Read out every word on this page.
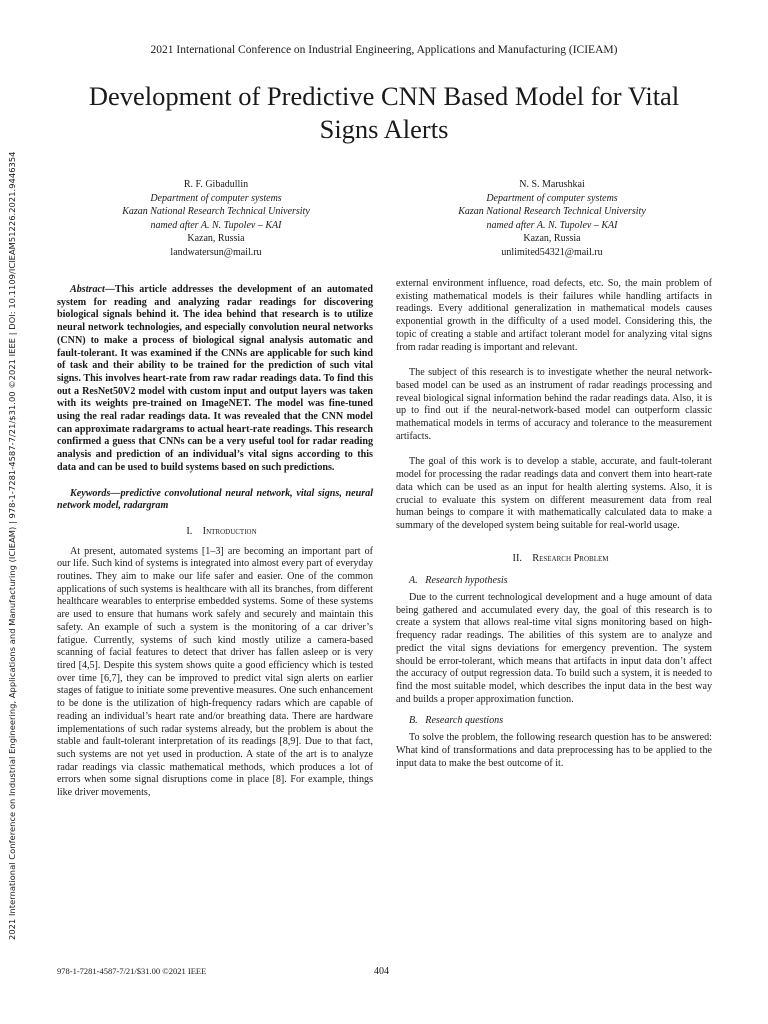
2021 International Conference on Industrial Engineering, Applications and Manufacturing (ICIEAM)
Development of Predictive CNN Based Model for Vital Signs Alerts
2021 International Conference on Industrial Engineering, Applications and Manufacturing (ICIEAM) | 978-1-7281-4587-7/21/$31.00 ©2021 IEEE | DOI: 10.1109/ICIEAM51226.2021.9446354	R. F. Gibadullin
Department of computer systems
Kazan National Research Technical University
named after A. N. Tupolev – KAI
Kazan, Russia
landwatersun@mail.ru
N. S. Marushkai
Department of computer systems
Kazan National Research Technical University
named after A. N. Tupolev – KAI
Kazan, Russia
unlimited54321@mail.ru

Abstract—This article addresses the development of an automated system for reading and analyzing radar readings for discovering biological signals behind it. The idea behind that research is to utilize neural network technologies, and especially convolution neural networks (CNN) to make a process of biological signal analysis automatic and fault-tolerant. It was examined if the CNNs are applicable for such kind of task and their ability to be trained for the prediction of such vital signs. This involves heart-rate from raw radar readings data. To find this out a ResNet50V2 model with custom input and output layers was taken with its weights pre-trained on ImageNET. The model was fine-tuned using the real radar readings data. It was revealed that the CNN model can approximate radargrams to actual heart-rate readings. This research confirmed a guess that CNNs can be a very useful tool for radar reading analysis and prediction of an individual’s vital signs according to this data and can be used to build systems based on such predictions.

Keywords—predictive convolutional neural network, vital signs, neural network model, radargram

I. Introduction

At present, automated systems [1–3] are becoming an important part of our life. Such kind of systems is integrated into almost every part of everyday routines. They aim to make our life safer and easier. One of the common applications of such systems is healthcare with all its branches, from different healthcare wearables to enterprise embedded systems. Some of these systems are used to ensure that humans work safely and securely and maintain this safety. An example of such a system is the monitoring of a car driver’s fatigue. Currently, systems of such kind mostly utilize a camera-based scanning of facial features to detect that driver has fallen asleep or is very tired [4,5]. Despite this system shows quite a good efficiency which is tested over time [6,7], they can be improved to predict vital sign alerts on earlier stages of fatigue to initiate some preventive measures. One such enhancement to be done is the utilization of high-frequency radars which are capable of reading an individual’s heart rate and/or breathing data. There are hardware implementations of such radar systems already, but the problem is about the stable and fault-tolerant interpretation of its readings [8,9]. Due to that fact, such systems are not yet used in production. A state of the art is to analyze radar readings via classic mathematical methods, which produces a lot of errors when some signal disruptions come in place [8]. For example, things like driver movements,

external environment influence, road defects, etc. So, the main problem of existing mathematical models is their failures while handling artifacts in readings. Every additional generalization in mathematical models causes exponential growth in the difficulty of a used model. Considering this, the topic of creating a stable and artifact tolerant model for analyzing vital signs from radar reading is important and relevant.

The subject of this research is to investigate whether the neural network-based model can be used as an instrument of radar readings processing and reveal biological signal information behind the radar readings data. Also, it is up to find out if the neural-network-based model can outperform classic mathematical models in terms of accuracy and tolerance to the measurement artifacts.

The goal of this work is to develop a stable, accurate, and fault-tolerant model for processing the radar readings data and convert them into heart-rate data which can be used as an input for health alerting systems. Also, it is crucial to evaluate this system on different measurement data from real human beings to compare it with mathematically calculated data to make a summary of the developed system being suitable for real-world usage.

II. Research Problem

A. Research hypothesis

Due to the current technological development and a huge amount of data being gathered and accumulated every day, the goal of this research is to create a system that allows real-time vital signs monitoring based on high-frequency radar readings. The abilities of this system are to analyze and predict the vital signs deviations for emergency prevention. The system should be error-tolerant, which means that artifacts in input data don’t affect the accuracy of output regression data. To build such a system, it is needed to find the most suitable model, which describes the input data in the best way and builds a proper approximation function.

B. Research questions

To solve the problem, the following research question has to be answered: What kind of transformations and data preprocessing has to be applied to the input data to make the best outcome of it.

978-1-7281-4587-7/21/$31.00 ©2021 IEEE	404
